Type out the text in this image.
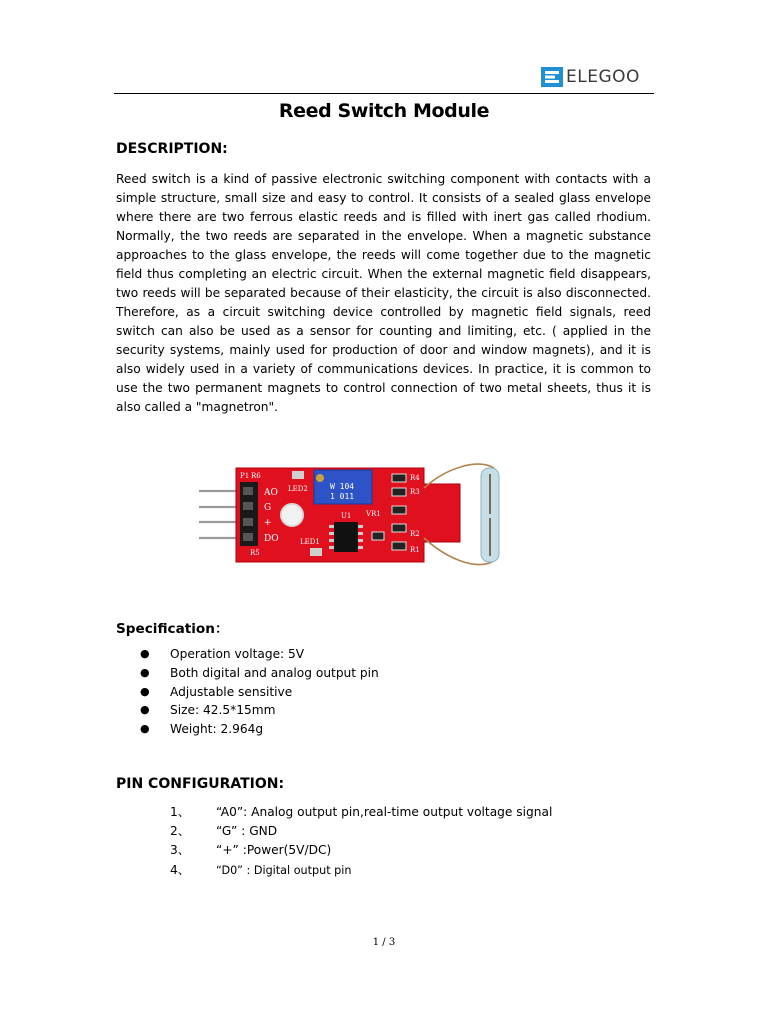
ELEGOO
Reed Switch Module
DESCRIPTION:
Reed switch is a kind of passive electronic switching component with contacts with a simple structure, small size and easy to control. It consists of a sealed glass envelope where there are two ferrous elastic reeds and is filled with inert gas called rhodium. Normally, the two reeds are separated in the envelope. When a magnetic substance approaches to the glass envelope, the reeds will come together due to the magnetic field thus completing an electric circuit. When the external magnetic field disappears, two reeds will be separated because of their elasticity, the circuit is also disconnected. Therefore, as a circuit switching device controlled by magnetic field signals, reed switch can also be used as a sensor for counting and limiting, etc. ( applied in the security systems, mainly used for production of door and window magnets), and it is also widely used in a variety of communications devices. In practice, it is common to use the two permanent magnets to control connection of two metal sheets, thus it is also called a "magnetron".
AO
G
+
DO
P1 R6
R5
LED2	W 104
1 011
VR1
U1
LED1
R4
R3
R2
R1
Specification：
●	Operation voltage: 5V
●	Both digital and analog output pin
●	Adjustable sensitive
●	Size: 42.5*15mm
●	Weight: 2.964g
PIN CONFIGURATION:
1、	“A0”: Analog output pin,real-time output voltage signal
2、	“G” : GND
3、	“+” :Power(5V/DC)
4、	“D0” : Digital output pin
1 / 3
